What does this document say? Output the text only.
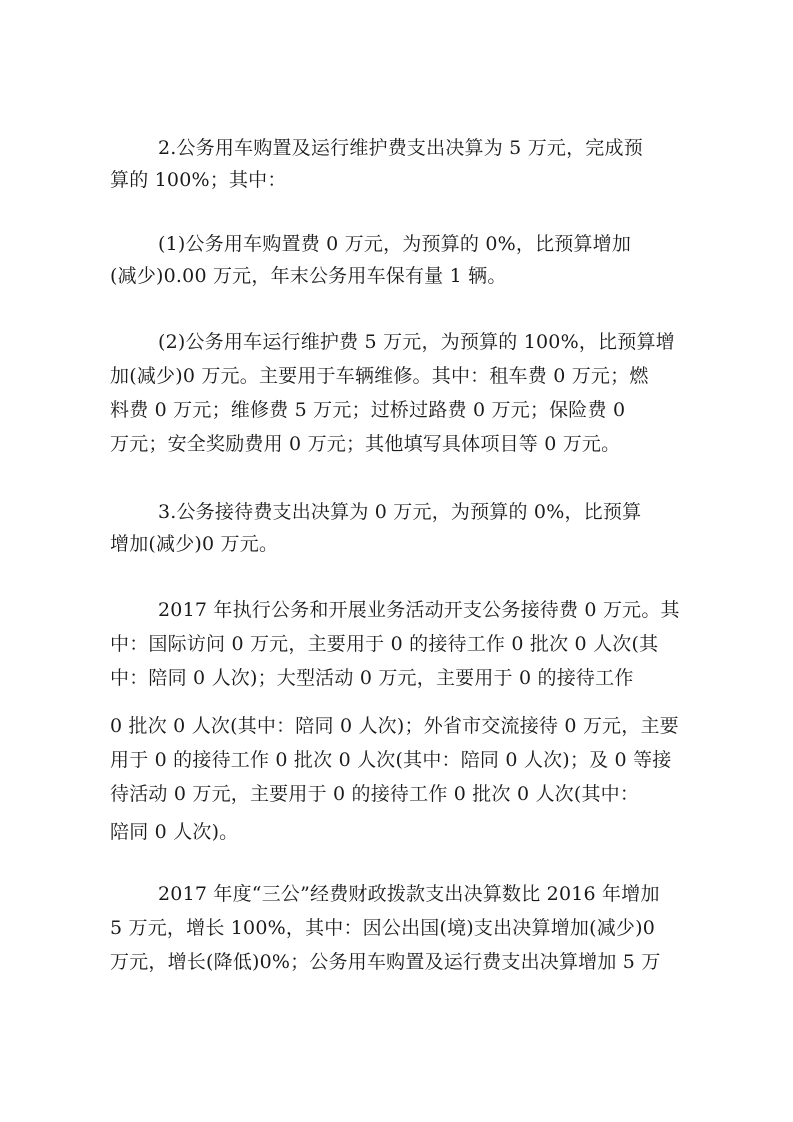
2.公务用车购置及运行维护费支出决算为 5 万元，完成预
算的 100%；其中：
(1)公务用车购置费 0 万元，为预算的 0%，比预算增加
(减少)0.00 万元，年末公务用车保有量 1 辆。
(2)公务用车运行维护费 5 万元，为预算的 100%，比预算增
加(减少)0 万元。主要用于车辆维修。其中：租车费 0 万元；燃
料费 0 万元；维修费 5 万元；过桥过路费 0 万元；保险费 0
万元；安全奖励费用 0 万元；其他填写具体项目等 0 万元。
3.公务接待费支出决算为 0 万元，为预算的 0%，比预算
增加(减少)0 万元。
2017 年执行公务和开展业务活动开支公务接待费 0 万元。其
中：国际访问 0 万元，主要用于 0 的接待工作 0 批次 0 人次(其
中：陪同 0 人次)；大型活动 0 万元，主要用于 0 的接待工作
0 批次 0 人次(其中：陪同 0 人次)；外省市交流接待 0 万元，主要
用于 0 的接待工作 0 批次 0 人次(其中：陪同 0 人次)；及 0 等接
待活动 0 万元，主要用于 0 的接待工作 0 批次 0 人次(其中：
陪同 0 人次)。
2017 年度“三公”经费财政拨款支出决算数比 2016 年增加
5 万元，增长 100%，其中：因公出国(境)支出决算增加(减少)0
万元，增长(降低)0%；公务用车购置及运行费支出决算增加 5 万
